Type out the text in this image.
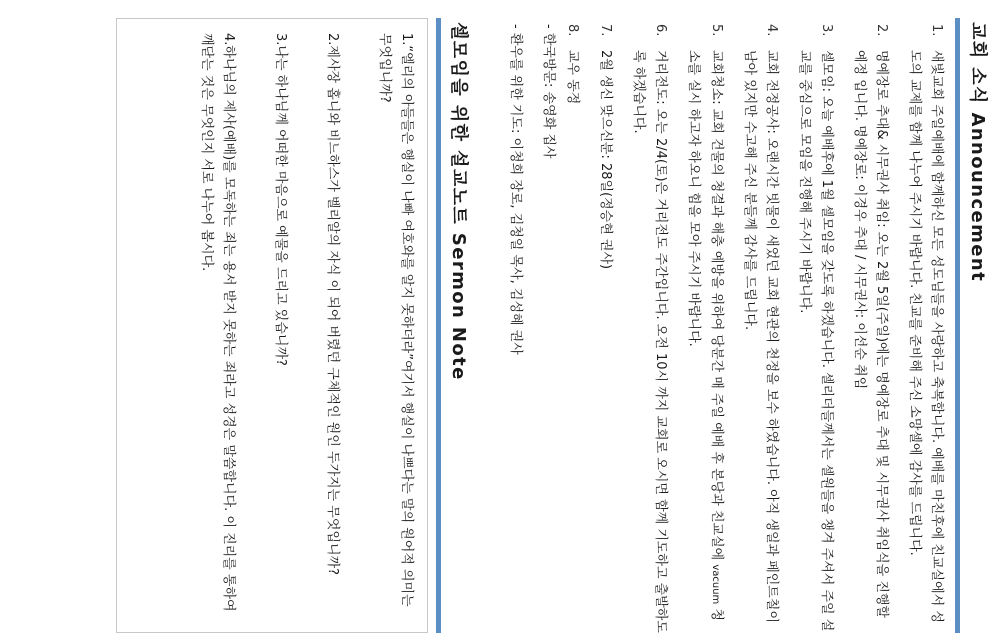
교회 소식 Announcement
1.
새빛교회 주일예배에 함께하신 모든 성도님들을 사랑하고 축복합니다. 예배를 마친후에 친교실에서 성도의 교제를 함께 나누어 주시기 바랍니다. 친교를 준비해 주신 소망셀에 감사를 드립니다.
2.
명예장로 추대& 시무권사 취임: 오는 2월 5일(주일)에는 명예장로 추대 및 시무권사 취임식을 진행할 예정 입니다. 명예장로: 이경우 추대 / 시무권사: 이선순 취임
3.
셀모임: 오늘 예배후에 1월 셀모임을 갖도록 하겠습니다. 셀리더들께서는 셀원들을 챙겨 주셔서 주일 설교를 중심으로 모임을 진행해 주시기 바랍니다.
4.
교회 전정공사: 오랜시간 빗물이 새었던 교회 현관의 천정을 보수 하였습니다. 아직 생일과 페인트칠이 남아 있지만 수고해 주신 분들께 감사를 드립니다.
5.
교회청소: 교회 건물의 청결과 해충 예방을 위하여 당분간 매 주일 예배 후 본당과 친교실에 vacuum 청소를 실시 하고자 하오니 힘을 모아 주시기 바랍니다.
6.
거리전도: 오는 2/4(토)은 거리전도 주간입니다. 오전 10시 까지 교회로 오시면 함께 기도하고 출발하도록 하겠습니다.
7.
2월 생신 맞으신분: 28일(정승현 권사)
8.
교우 동정
- 한국방문: 송영화 집사
- 환우를 위한 기도: 이청희 장로, 김청일 목사, 김성혜 권사
셀모임을 위한 설교노트 Sermon Note

1.“엘리의 아들들은 행실이 나빠 여호와를 알지 못하더라”여기서 행실이 나쁘다는 말의 원어적 의미는 무엇입니까?

2.제사장 홉니와 비느하스가 벨리알의 자식 이 되어 버렸던 구체적인 원인 두가지는 무엇입니까?

3.나는 하나님께 어떠한 마음으로 예물을 드리고 있습니까?

4.하나님의 제사(예배)를 모독하는 죄는 용서 받지 못하는 죄라고 성경은 말씀합니다. 이 진리를 통하여 깨닫는 것은 무엇인지 서로 나누어 봅시다.
